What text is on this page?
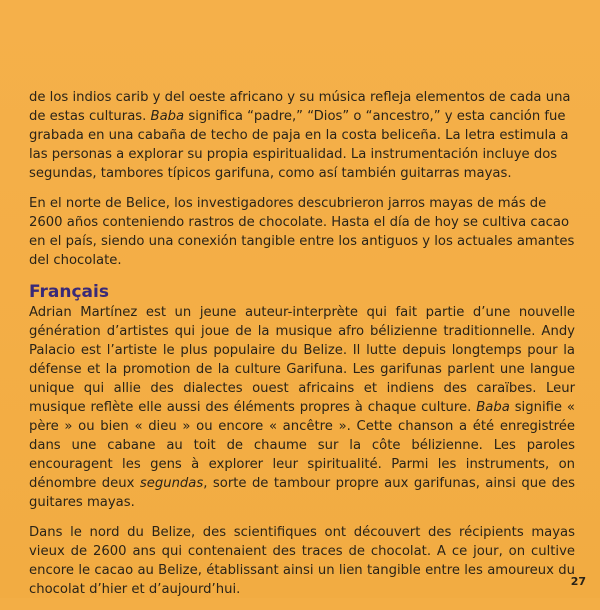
de los indios carib y del oeste africano y su música refleja elementos de cada una de estas culturas. Baba significa “padre,” “Dios” o “ancestro,” y esta canción fue grabada en una cabaña de techo de paja en la costa beliceña. La letra estimula a las personas a explorar su propia espiritualidad. La instrumentación incluye dos segundas, tambores típicos garifuna, como así también guitarras mayas.

En el norte de Belice, los investigadores descubrieron jarros mayas de más de 2600 años conteniendo rastros de chocolate. Hasta el día de hoy se cultiva cacao en el país, siendo una conexión tangible entre los antiguos y los actuales amantes del chocolate.

Français

Adrian Martínez est un jeune auteur-interprète qui fait partie d’une nouvelle génération d’artistes qui joue de la musique afro bélizienne traditionnelle. Andy Palacio est l’artiste le plus populaire du Belize. Il lutte depuis longtemps pour la défense et la promotion de la culture Garifuna. Les garifunas parlent une langue unique qui allie des dialectes ouest africains et indiens des caraïbes. Leur musique reflète elle aussi des éléments propres à chaque culture. Baba signifie « père » ou bien « dieu » ou encore « ancêtre ». Cette chanson a été enregistrée dans une cabane au toit de chaume sur la côte bélizienne. Les paroles encouragent les gens à explorer leur spiritualité. Parmi les instruments, on dénombre deux segundas, sorte de tambour propre aux garifunas, ainsi que des guitares mayas.

Dans le nord du Belize, des scientifiques ont découvert des récipients mayas vieux de 2600 ans qui contenaient des traces de chocolat. A ce jour, on cultive encore le cacao au Belize, établissant ainsi un lien tangible entre les amoureux du chocolat d’hier et d’aujourd’hui.

27
